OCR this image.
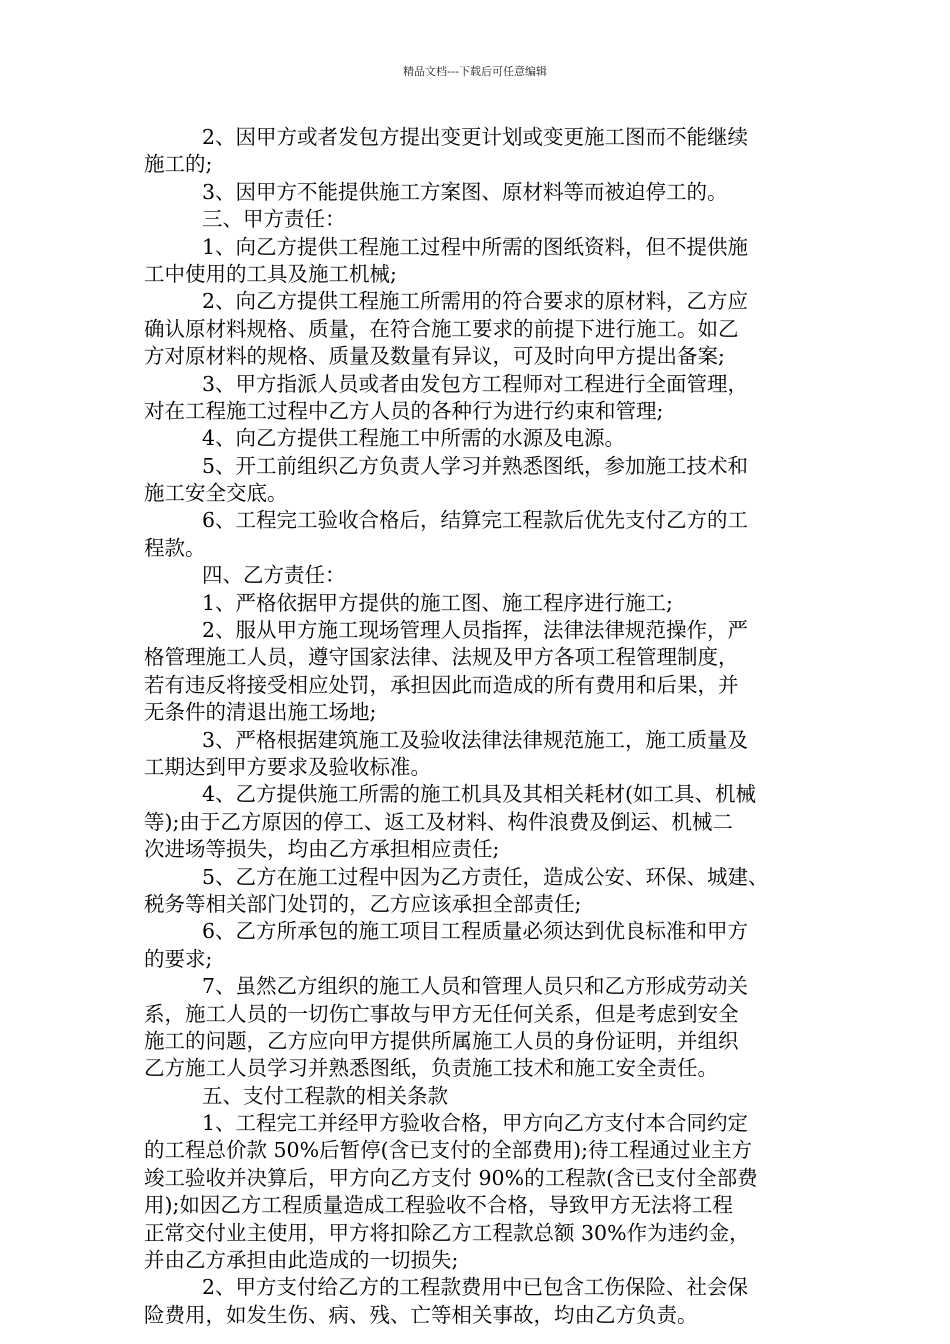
精品文档---下载后可任意编辑
2、因甲方或者发包方提出变更计划或变更施工图而不能继续
施工的;
3、因甲方不能提供施工方案图、原材料等而被迫停工的。
三、甲方责任：
1、向乙方提供工程施工过程中所需的图纸资料，但不提供施
工中使用的工具及施工机械;
2、向乙方提供工程施工所需用的符合要求的原材料，乙方应
确认原材料规格、质量，在符合施工要求的前提下进行施工。如乙
方对原材料的规格、质量及数量有异议，可及时向甲方提出备案;
3、甲方指派人员或者由发包方工程师对工程进行全面管理，
对在工程施工过程中乙方人员的各种行为进行约束和管理;
4、向乙方提供工程施工中所需的水源及电源。
5、开工前组织乙方负责人学习并熟悉图纸，参加施工技术和
施工安全交底。
6、工程完工验收合格后，结算完工程款后优先支付乙方的工
程款。
四、乙方责任：
1、严格依据甲方提供的施工图、施工程序进行施工;
2、服从甲方施工现场管理人员指挥，法律法律规范操作，严
格管理施工人员，遵守国家法律、法规及甲方各项工程管理制度，
若有违反将接受相应处罚，承担因此而造成的所有费用和后果，并
无条件的清退出施工场地;
3、严格根据建筑施工及验收法律法律规范施工，施工质量及
工期达到甲方要求及验收标准。
4、乙方提供施工所需的施工机具及其相关耗材(如工具、机械
等);由于乙方原因的停工、返工及材料、构件浪费及倒运、机械二
次进场等损失，均由乙方承担相应责任;
5、乙方在施工过程中因为乙方责任，造成公安、环保、城建、
税务等相关部门处罚的，乙方应该承担全部责任;
6、乙方所承包的施工项目工程质量必须达到优良标准和甲方
的要求;
7、虽然乙方组织的施工人员和管理人员只和乙方形成劳动关
系，施工人员的一切伤亡事故与甲方无任何关系，但是考虑到安全
施工的问题，乙方应向甲方提供所属施工人员的身份证明，并组织
乙方施工人员学习并熟悉图纸，负责施工技术和施工安全责任。
五、支付工程款的相关条款
1、工程完工并经甲方验收合格，甲方向乙方支付本合同约定
的工程总价款 50%后暂停(含已支付的全部费用);待工程通过业主方
竣工验收并决算后，甲方向乙方支付 90%的工程款(含已支付全部费
用);如因乙方工程质量造成工程验收不合格，导致甲方无法将工程
正常交付业主使用，甲方将扣除乙方工程款总额 30%作为违约金，
并由乙方承担由此造成的一切损失;
2、甲方支付给乙方的工程款费用中已包含工伤保险、社会保
险费用，如发生伤、病、残、亡等相关事故，均由乙方负责。
